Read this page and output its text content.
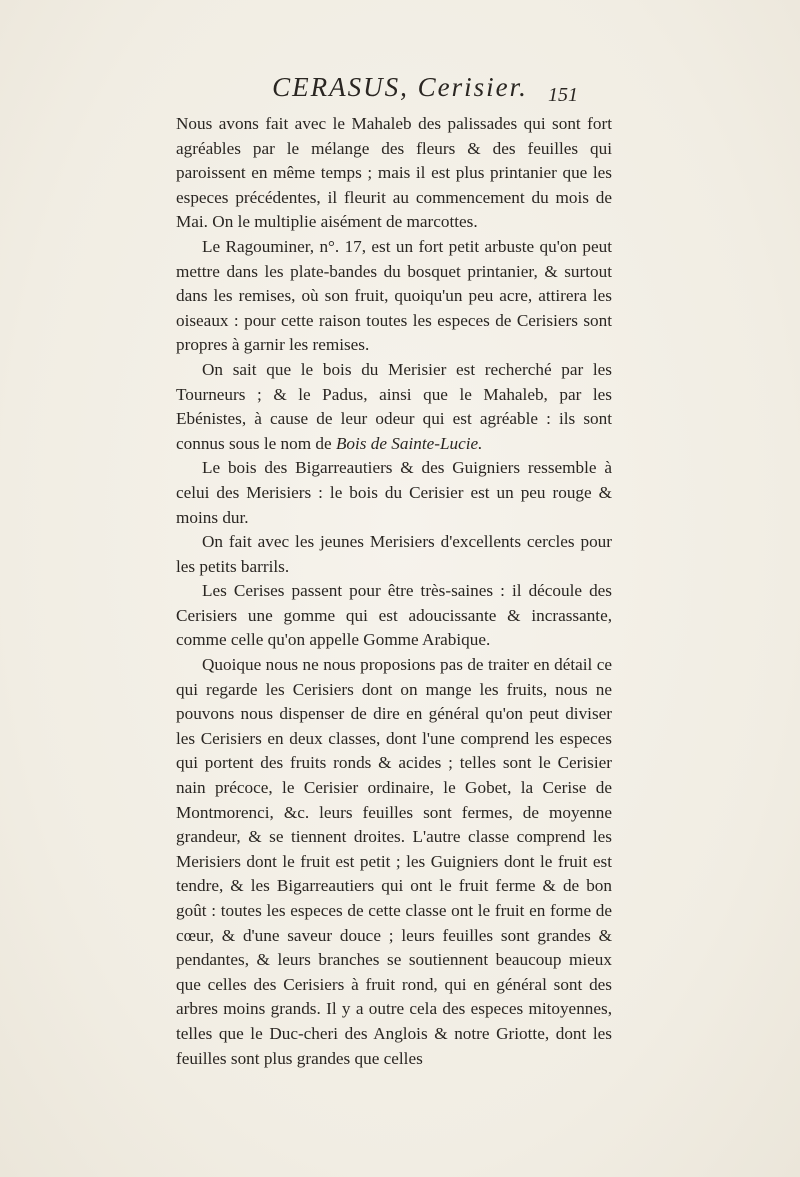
CERASUS, Cerisier.	151

Nous avons fait avec le Mahaleb des palissades qui sont fort agréables par le mélange des fleurs & des feuilles qui paroissent en même temps ; mais il est plus printanier que les especes précédentes, il fleurit au commencement du mois de Mai. On le multiplie aisément de marcottes.

Le Ragouminer, n°. 17, est un fort petit arbuste qu'on peut mettre dans les plate-bandes du bosquet printanier, & surtout dans les remises, où son fruit, quoiqu'un peu acre, attirera les oiseaux : pour cette raison toutes les especes de Cerisiers sont propres à garnir les remises.

On sait que le bois du Merisier est recherché par les Tourneurs ; & le Padus, ainsi que le Mahaleb, par les Ebénistes, à cause de leur odeur qui est agréable : ils sont connus sous le nom de Bois de Sainte-Lucie.

Le bois des Bigarreautiers & des Guigniers ressemble à celui des Merisiers : le bois du Cerisier est un peu rouge & moins dur.

On fait avec les jeunes Merisiers d'excellents cercles pour les petits barrils.

Les Cerises passent pour être très-saines : il découle des Cerisiers une gomme qui est adoucissante & incrassante, comme celle qu'on appelle Gomme Arabique.

Quoique nous ne nous proposions pas de traiter en détail ce qui regarde les Cerisiers dont on mange les fruits, nous ne pouvons nous dispenser de dire en général qu'on peut diviser les Cerisiers en deux classes, dont l'une comprend les especes qui portent des fruits ronds & acides ; telles sont le Cerisier nain précoce, le Cerisier ordinaire, le Gobet, la Cerise de Montmorenci, &c. leurs feuilles sont fermes, de moyenne grandeur, & se tiennent droites. L'autre classe comprend les Merisiers dont le fruit est petit ; les Guigniers dont le fruit est tendre, & les Bigarreautiers qui ont le fruit ferme & de bon goût : toutes les especes de cette classe ont le fruit en forme de cœur, & d'une saveur douce ; leurs feuilles sont grandes & pendantes, & leurs branches se soutiennent beaucoup mieux que celles des Cerisiers à fruit rond, qui en général sont des arbres moins grands. Il y a outre cela des especes mitoyennes, telles que le Duc-cheri des Anglois & notre Griotte, dont les feuilles sont plus grandes que celles
